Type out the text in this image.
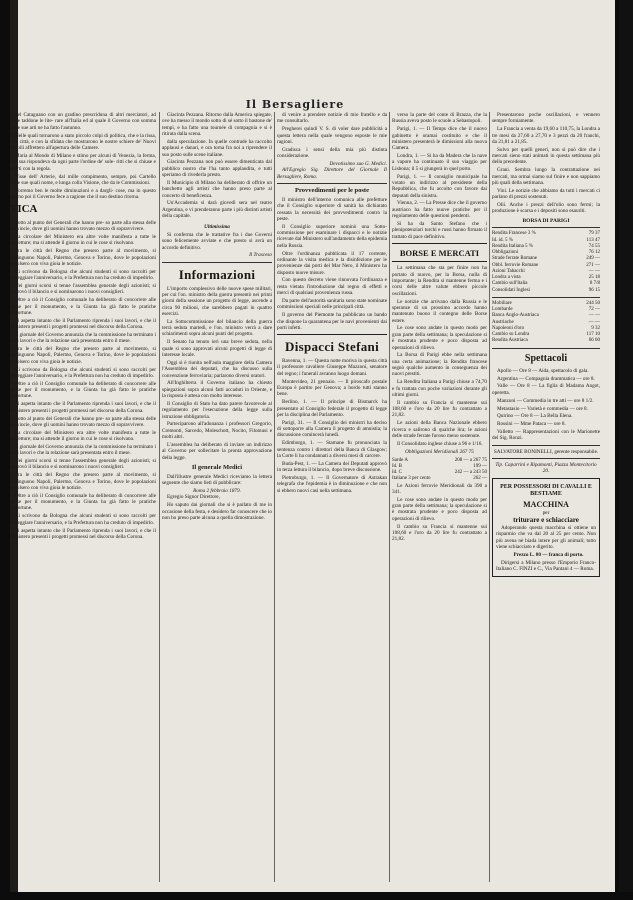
Il Bersagliere

del Cataguano con un gradino prescriduna di altri merciatori, ad onde taddone le lite- rare all'Italia ed al quale il Governo con somma delle sue arti ne ha fatto l'autunno.

Nelle quali tornarono a stato piccolo colpi di politica, che e la rissa, o la città, e con la sfidata che mostrarono le nostre schiere de' Nuovi Mobili affrettero all'apertura delle Camere.

Maria al Mondo di Milano e stimo per alcuni di Venezia, la ferma, che sua rispondeva da ogni parte l'ordine de' sole- ritti che si chiuse e spartì con la regola.

Visse dell' Arterie, dal mille compimento, sempre, poi Cartello colle sue quali nome, e lunga colla Visione, che da le Commissioni.

Vorremo ben le molte diminuzioni e a dargli- cose, ma in questo giorno poi il Governo fece a ragione che il suo destino ritorna.

TICA

Sotto al punto dei Generali che hanno pre- so parte alla stessa delle provincie, dove gli uomini hanno trovato mezzo di sopravvivere.

La circolare del Ministero era altre volte manifesta a tutte le prefetture; ma si attende il giorno in cui le cose si risolvano.

Fra le città del Regno che presero parte al movimento, si distinguono Napoli, Palermo, Genova e Torino, dove le popolazioni accolsero con viva gioia le notizie.

Ci scrivono da Bologna che alcuni studenti si sono raccolti per festeggiare l'anniversario, e la Prefettura non ha creduto di impedirlo.

Nei giorni scorsi si tenne l'assemblea generale degli azionisti; si approvò il bilancio e si nominarono i nuovi consiglieri.

Oltre a ciò il Consiglio comunale ha deliberato di concorrere alle spese per il monumento, e la Giunta ha già fatto le pratiche opportune.

Si aspetta intanto che il Parlamento riprenda i suoi lavori, e che il Ministero presenti i progetti promessi nel discorso della Corona.

Il giornale del Governo annunzia che la commissione ha terminato i suoi lavori e che la relazione sarà presentata entro il mese.

Fra le città del Regno che presero parte al movimento, si distinguono Napoli, Palermo, Genova e Torino, dove le popolazioni accolsero con viva gioia le notizie.

Ci scrivono da Bologna che alcuni studenti si sono raccolti per festeggiare l'anniversario, e la Prefettura non ha creduto di impedirlo.

Oltre a ciò il Consiglio comunale ha deliberato di concorrere alle spese per il monumento, e la Giunta ha già fatto le pratiche opportune.

Si aspetta intanto che il Parlamento riprenda i suoi lavori, e che il Ministero presenti i progetti promessi nel discorso della Corona.

Sotto al punto dei Generali che hanno pre- so parte alla stessa delle provincie, dove gli uomini hanno trovato mezzo di sopravvivere.

La circolare del Ministero era altre volte manifesta a tutte le prefetture; ma si attende il giorno in cui le cose si risolvano.

Il giornale del Governo annunzia che la commissione ha terminato i suoi lavori e che la relazione sarà presentata entro il mese.

Nei giorni scorsi si tenne l'assemblea generale degli azionisti; si approvò il bilancio e si nominarono i nuovi consiglieri.

Fra le città del Regno che presero parte al movimento, si distinguono Napoli, Palermo, Genova e Torino, dove le popolazioni accolsero con viva gioia le notizie.

Oltre a ciò il Consiglio comunale ha deliberato di concorrere alle spese per il monumento, e la Giunta ha già fatto le pratiche opportune.

Ci scrivono da Bologna che alcuni studenti si sono raccolti per festeggiare l'anniversario, e la Prefettura non ha creduto di impedirlo.

Si aspetta intanto che il Parlamento riprenda i suoi lavori, e che il Ministero presenti i progetti promessi nel discorso della Corona.

Giacinta Pezzana. Ritorno dalla America spiegate, ove ha messo il mondo sotto di sé sotto il bastone de' tempi, e ha fatto una tournée di compagnia e si è ritirata dalla scena.

dalla speculazione. In quelle contrade ha raccolto applausi e danari, e ora torna fra noi a riprendere il suo posto sulle scene italiane.

Giacinta Pezzana non può essere dimenticata dal pubblico nostro che l'ha tanto applaudita, e tutti speriamo di rivederla presto.

Il Municipio di Milano ha deliberato di offrire un banchetto agli artisti che hanno preso parte al concerto di beneficenza.

Un'Accademia si darà giovedì sera nel teatro Argentina, e vi prenderanno parte i più distinti artisti della capitale.

Ultimissima

Si conferma che le trattative fra i due Governi sono felicemente avviate e che presto si avrà un accordo definitivo.

Il Trasceso
Informazioni

L'importo complessivo delle nuove spese militari, per cui l'on. ministro della guerra presentò nei primi giorni della sessione un progetto di legge, ascende a circa 90 milioni, che sarebbero pagati in quattro esercizi.

La Sottocommissione del bilancio della guerra terrà seduta martedì, e l'on. ministro verrà a dare schiarimenti sopra alcuni punti del progetto.

Il Senato ha tenuto ieri una breve seduta, nella quale si sono approvati alcuni progetti di legge di interesse locale.

Oggi si è riunita nell'aula maggiore della Camera l'Assemblea dei deputati, che ha discusso sulla convenzione ferroviaria; parlarono diversi oratori.

All'Inghilterra il Governo italiano ha chiesto spiegazioni sopra alcuni fatti accaduti in Oriente, e la risposta è attesa con molto interesse.

Il Consiglio di Stato ha dato parere favorevole al regolamento per l'esecuzione della legge sulla istruzione obbligatoria.

Parteciparono all'adunanza i professori Gregorio, Cremonti, Sarcedo, Moleschott, Nocito, Filomusi e molti altri.

L'assemblea ha deliberato di inviare un indirizzo al Governo per sollecitare la pronta approvazione della legge.

Il generale Medici

Dall'illustre generale Medici riceviamo la lettera seguente che siamo lieti di pubblicare:

Roma 2 febbraio 1879.

Egregio Signor Direttore,

Ho saputo dai giornali che si è parlato di me in occasione della festa, e desidero far conoscere che io non ho preso parte alcuna a quella dimostrazione.

di venire a prendere notizie di mio fratello e da me consultarlo.

Pregherei quindi V. S. di voler dare pubblicità a questa lettera nella quale vengono esposte le mie ragioni.

Gradisca i sensi della mia più distinta considerazione.

Devotissimo suo G. Medici.

All'Egregio Sig. Direttore del Giornale Il Bersagliere, Roma.

Provvedimenti per le poste

Il ministro dell'interno comunica alle prefetture che il Consiglio superiore di sanità ha dichiarato cessata la necessità dei provvedimenti contro la peste.

Il Consiglio superiore nominò una Sotto-commissione per esaminare i dispacci e le notizie ricevute dal Ministero sull'andamento della epidemia nella Russia.

Oltre l'ordinanza pubblicata il 17 corrente, ordinante la visita medica e la disinfezione per le provenienze dai porti del Mar Nero, il Ministero ha disposto nuove misure.

Con questo decreto viene rinnovata l'ordinanza e resta vietata l'introduzione dal regno di effetti e merci di qualsiasi provenienza russa.

Da parte dell'autorità sanitaria sono state nominate commissioni speciali nelle principali città.

Il governo del Piemonte ha pubblicato un bando che dispone la quarantena per le navi provenienti dai porti infetti.

Dispacci Stefani

Ravenna, 1. — Questa notte moriva in questa città il professore cavaliere Giuseppe Mazzoni, senatore del regno; i funerali avranno luogo domani.

Montevideo, 21 gennaio. — Il piroscafo postale Europa è partito per Genova; a bordo tutti stanno bene.

Berlino, 1. — Il principe di Bismarck ha presentato al Consiglio federale il progetto di legge per la disciplina del Parlamento.

Parigi, 31. — Il Consiglio dei ministri ha deciso di sottoporre alla Camera il progetto di amnistia; la discussione comincerà lunedì.

Edimburgo, 1. — Stamane fu pronunciata la sentenza contro i direttori della Banca di Glasgow; la Corte li ha condannati a diversi mesi di carcere.

Buda-Pest, 1. — La Camera dei Deputati approvò in terza lettura il bilancio, dopo breve discussione.

Pietroburgo, 1. — Il Governatore di Astrakan telegrafa che l'epidemia è in diminuzione e che non si ebbero nuovi casi nella settimana.

verso la parte del conte di Brazza, che la Russia aveva posto le scuole a Sebastopoli.

Parigi, 1. — Il Temps dice che il nuovo gabinetto è oramai costituito e che il ministero presenterà le dimissioni alla nuova Camera.

Londra, 1. — Si ha da Madera che la nave a vapore ha continuato il suo viaggio per Lisbona; il 5 si giungerà in quel porto.

Parigi, 1. — Il consiglio municipale ha votato un indirizzo al presidente della Repubblica, che fu accolto con favore dai deputati della sinistra.

Vienna, 2. — La Presse dice che il governo austriaco ha fatto nuove pratiche per il regolamento delle questioni pendenti.

Si ha da Santo Stefano che i plenipotenziari turchi e russi hanno firmato il trattato di pace definitivo.

BORSE E MERCATI

La settimana che sta per finire non ha portato di nuovo, per la Borsa, nulla di importante; la Rendita si mantenne ferma e i corsi delle altre valute ebbero piccole oscillazioni.

Le notizie che arrivano dalla Russia e le speranze di un prossimo accordo hanno mantenuto buono il contegno delle Borse estere.

Le cose sono andate in questo modo per gran parte della settimana; la speculazione si è mostrata prudente e poco disposta ad operazioni di rilievo.

La Borsa di Parigi ebbe nella settimana una certa animazione; la Rendita francese segnò qualche aumento in conseguenza dei nuovi prestiti.

La Rendita Italiana a Parigi chiuse a 74,70 e fu trattata con poche variazioni durante gli ultimi giorni.

Il cambio su Francia si mantenne sui 108,60 e l'oro da 20 lire fu contrattato a 21,82.

Le azioni della Banca Nazionale ebbero ricerca e salirono di qualche lira; le azioni delle strade ferrate furono meno sostenute.

Il Consolidato inglese chiuse a 96 e 1/16.

Obbligazioni Meridionali 267 75
Sarde A	208 — a 267 75
Id. B	199 —
Id. C	242 — a 243 50
Italiane 3 per cento	262 —

Le Azioni ferrovie Meridionali da 390 a 341.

Le cose sono andate in questo modo per gran parte della settimana; la speculazione si è mostrata prudente e poco disposta ad operazioni di rilievo.

Il cambio su Francia si mantenne sui 108,60 e l'oro da 20 lire fu contrattato a 21,82.

Presentarono poche oscillazioni, e vennero sempre forniamente.

La Francia a venta da 19,60 a 110,75, la Londra a tre mesi da 27,60 a 27,70 e 3 pezzi da 20 franchi, da 21,81 a 21,85.

Sulvo per quelli generi, non si può dire che i mercati sieno stati animati in questa settimana più della precedente.

Grani. Sembra lungo la contrattazione nei mercati, ma ormai siamo sul finire e non sappiamo più quali della settimana.

Vini. Le notizie che abbiamo da tutti i mercati ci parlano di prezzi sostenuti.

Olii. Anche i prezzi dell'olio sono fermi; la produzione è scarsa e i depositi sono esauriti.

BORSA DI PARIGI
Rendita Francese 3 %	79 37
Id. id. 5 %	113 47
Rendita Italiana 5 %	74 55
Obbligazioni	76 12
Strade ferrate Romane	249 —
Obbl. ferrovie Romane	271 —
Azioni Tabacchi	— —
Londra a vista	25 18
Cambio sull'Italia	8 7/8
Consolidati Inglesi	96 15
Mobiliare	244 50
Lombarde	72 —
Banca Anglo-Austriaca	— —
Austriache	— —
Napoleoni d'oro	9 32
Cambio su Londra	117 10
Rendita Austriaca	66 60
Spettacoli

Apollo — Ore 8 — Aida, spettacolo di gala.

Argentina — Compagnia drammatica — ore 8.

Valle — Ore 8 — La figlia di Madama Angot, operetta.

Manzoni — Commedia in tre atti — ore 8 1/2.

Metastasio — Varietà e commedia — ore 8.

Quirino — Ore 8 — La Bella Elena.

Rossini — Mme Pataca — ore 8.

Valletto — Rappresentazioni con le Marionette del Sig. Ronzi.

SALVATORE BONINELLI, gerente responsabile.
Tip. Caparrini e Ripamonti, Piazza Montecitorio 20.
PER POSSESSORI DI CAVALLI E BESTIAME
MACCHINA
per
triturare e schiacciare

Adoperando questa macchina si ottiene un risparmio che va dal 20 al 25 per cento. Non più avena nè biada intere per gli animali; tutto viene schiacciato e digerito.

Prezzo L. 80 — franca di porto.

Dirigersi a Milano presso l'Emporio Franco-Italiano C. FINZI e C., Via Pantani 4 — Roma.
